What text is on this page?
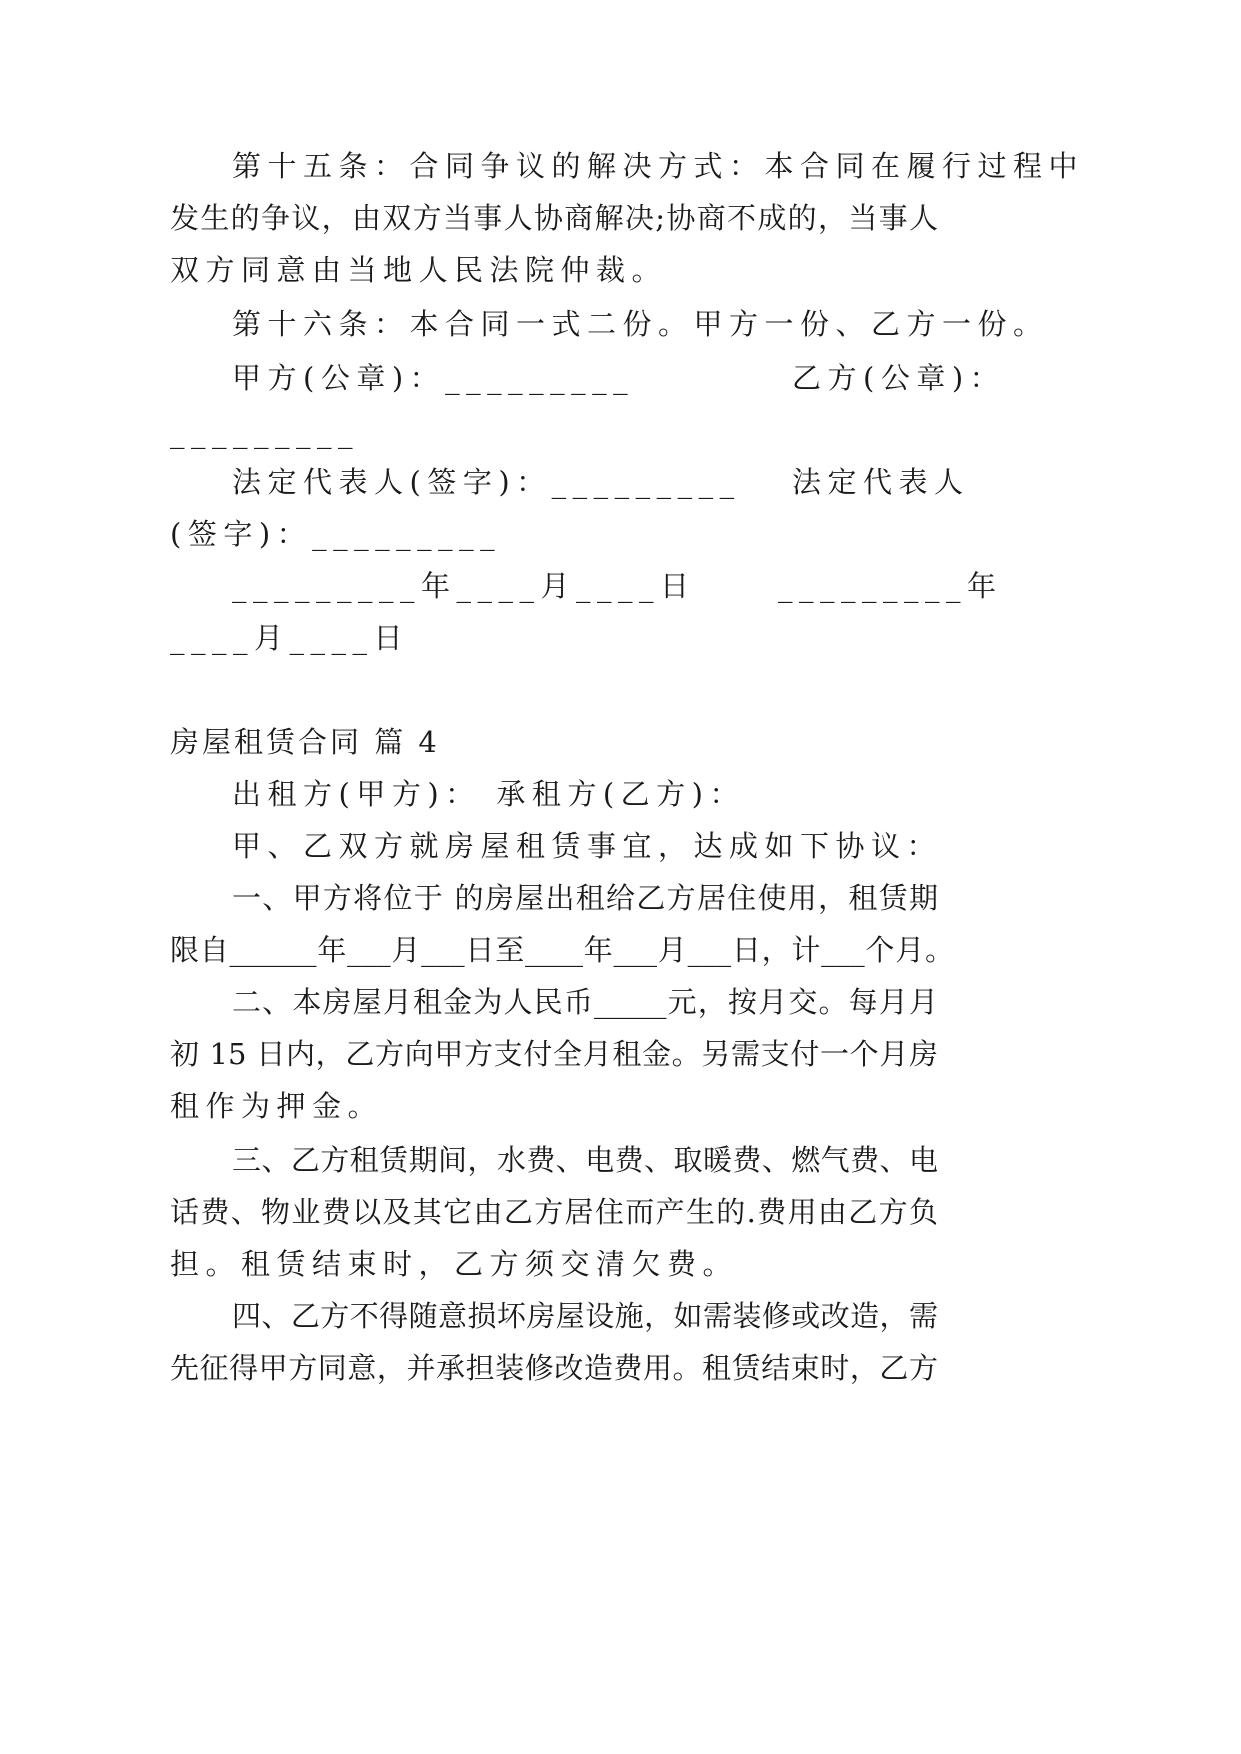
第十五条：合同争议的解决方式：本合同在履行过程中
发生的争议，由双方当事人协商解决;协商不成的，当事人
双方同意由当地人民法院仲裁。
第十六条：本合同一式二份。甲方一份、乙方一份。
甲方(公章)：_________	乙方(公章)：
_________
法定代表人(签字)：_________ 法定代表人
(签字)：_________
_________年____月____日	_________年
____月____日
房屋租赁合同 篇 4
出租方(甲方)： 承租方(乙方)：
甲、乙双方就房屋租赁事宜，达成如下协议：
一、甲方将位于 的房屋出租给乙方居住使用，租赁期
限自______年___月___日至____年___月___日，计___个月。
二、本房屋月租金为人民币_____元，按月交。每月月
初 15 日内，乙方向甲方支付全月租金。另需支付一个月房
租作为押金。
三、乙方租赁期间，水费、电费、取暖费、燃气费、电
话费、物业费以及其它由乙方居住而产生的.费用由乙方负
担。租赁结束时，乙方须交清欠费。
四、乙方不得随意损坏房屋设施，如需装修或改造，需
先征得甲方同意，并承担装修改造费用。租赁结束时，乙方
